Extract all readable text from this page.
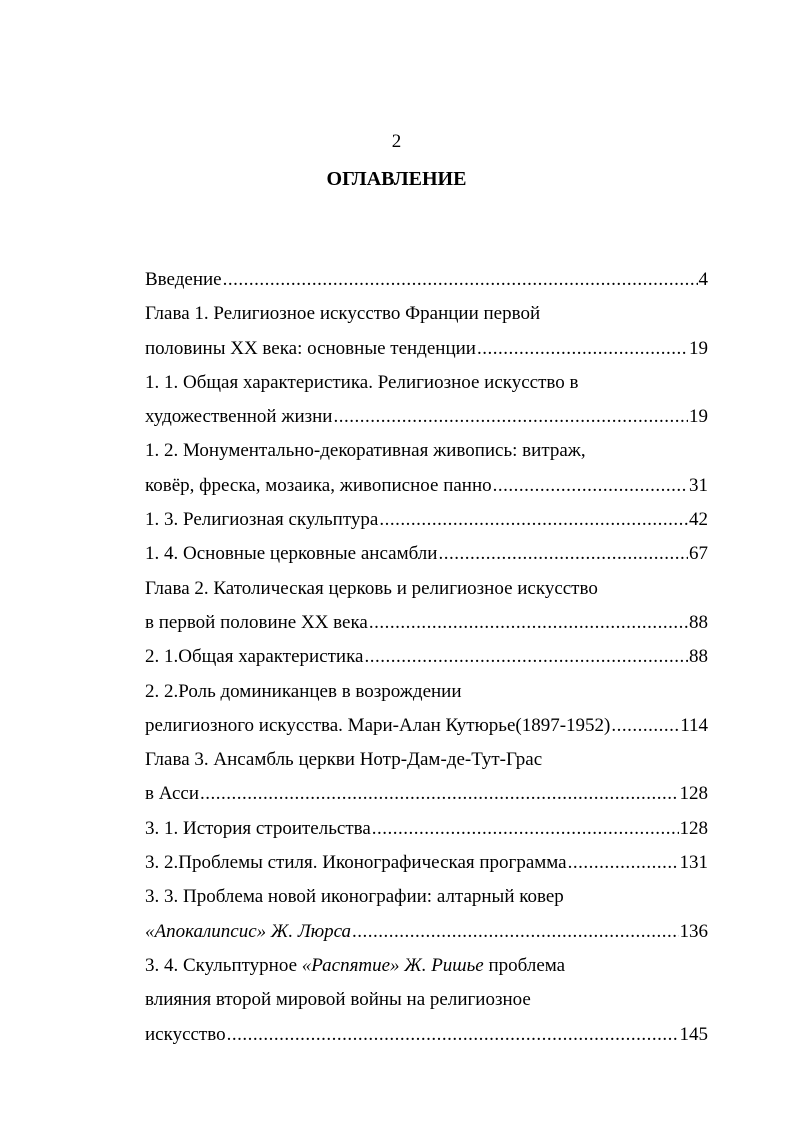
2
ОГЛАВЛЕНИЕ
Введение .....	4
Глава 1. Религиозное искусство Франции первой
половины ХХ века: основные тенденции .....	19
1. 1. Общая характеристика. Религиозное искусство в
художественной жизни .....	19
1. 2. Монументально-декоративная живопись: витраж,
ковёр, фреска, мозаика, живописное панно .....	31
1. 3. Религиозная скульптура .....	42
1. 4. Основные церковные ансамбли .....	67
Глава 2. Католическая церковь и религиозное искусство
в первой половине ХХ века .....	88
2. 1.Общая характеристика .....	88
2. 2.Роль доминиканцев в возрождении
религиозного искусства. Мари-Алан Кутюрье(1897-1952) .....	114
Глава 3. Ансамбль церкви Нотр-Дам-де-Тут-Грас
в Асси .....	128
3. 1. История строительства .....	128
3. 2.Проблемы стиля. Иконографическая программа .....	131
3. 3. Проблема новой иконографии: алтарный ковер
«Апокалипсис» Ж. Люрса .....	136
3. 4. Скульптурное «Распятие» Ж. Ришье проблема
влияния второй мировой войны на религиозное
искусство .....	145
